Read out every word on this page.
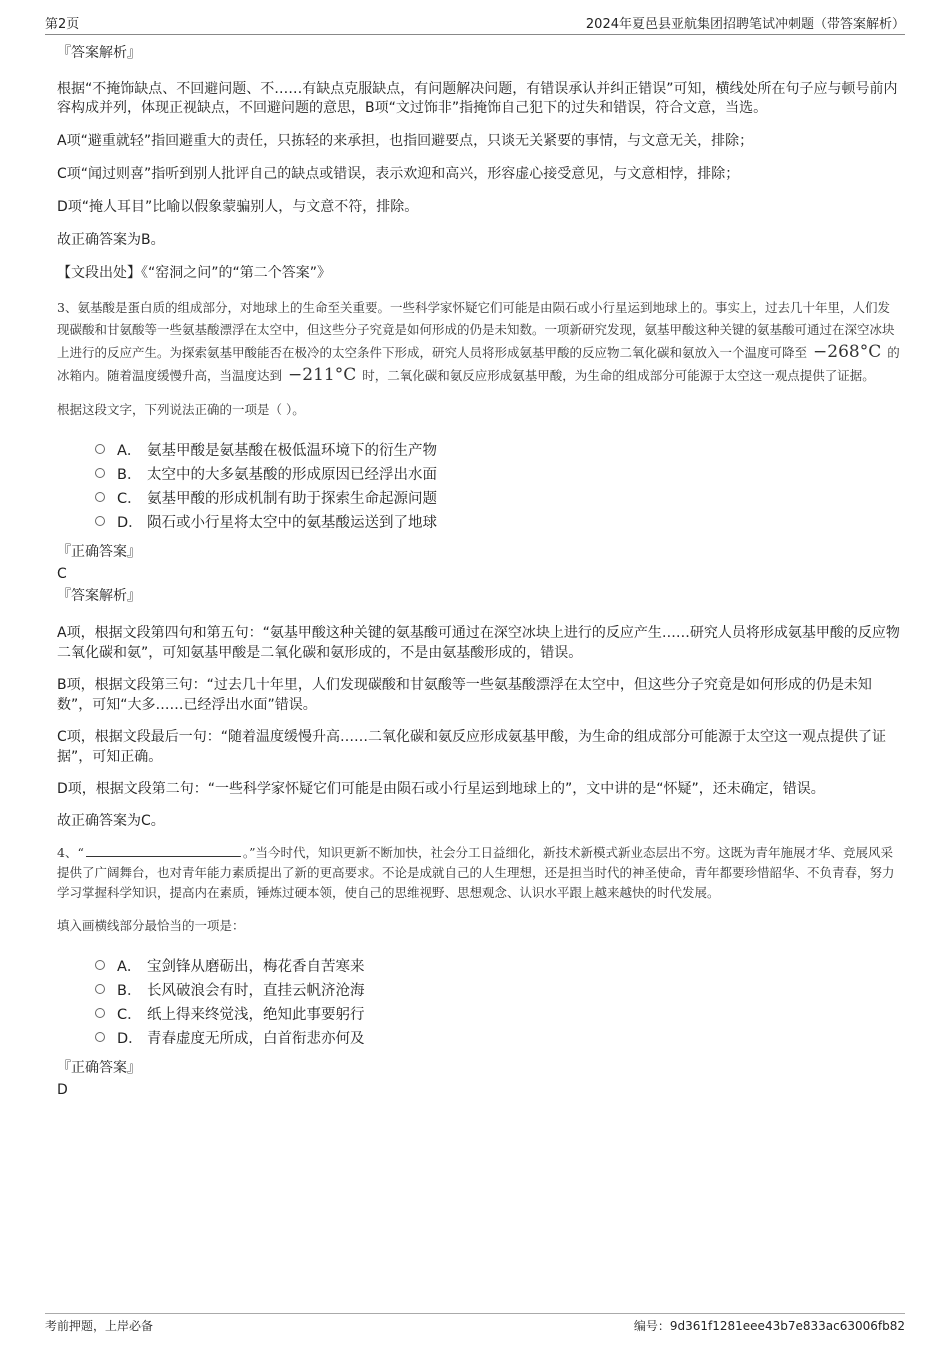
第2页	2024年夏邑县亚航集团招聘笔试冲刺题（带答案解析）

『答案解析』

根据“不掩饰缺点、不回避问题、不……有缺点克服缺点，有问题解决问题，有错误承认并纠正错误”可知，横线处所在句子应与顿号前内容构成并列，体现正视缺点，不回避问题的意思，B项“文过饰非”指掩饰自己犯下的过失和错误，符合文意，当选。

A项“避重就轻”指回避重大的责任，只拣轻的来承担，也指回避要点，只谈无关紧要的事情，与文意无关，排除；

C项“闻过则喜”指听到别人批评自己的缺点或错误，表示欢迎和高兴，形容虚心接受意见，与文意相悖，排除；

D项“掩人耳目”比喻以假象蒙骗别人，与文意不符，排除。

故正确答案为B。

【文段出处】《“窑洞之问”的“第二个答案”》

3、氨基酸是蛋白质的组成部分，对地球上的生命至关重要。一些科学家怀疑它们可能是由陨石或小行星运到地球上的。事实上，过去几十年里，人们发现碳酸和甘氨酸等一些氨基酸漂浮在太空中，但这些分子究竟是如何形成的仍是未知数。一项新研究发现，氨基甲酸这种关键的氨基酸可通过在深空冰块上进行的反应产生。为探索氨基甲酸能否在极冷的太空条件下形成，研究人员将形成氨基甲酸的反应物二氧化碳和氨放入一个温度可降至 −268°C 的冰箱内。随着温度缓慢升高，当温度达到 −211°C 时，二氧化碳和氨反应形成氨基甲酸，为生命的组成部分可能源于太空这一观点提供了证据。

根据这段文字，下列说法正确的一项是（ ）。

A． 氨基甲酸是氨基酸在极低温环境下的衍生产物
B． 太空中的大多氨基酸的形成原因已经浮出水面
C． 氨基甲酸的形成机制有助于探索生命起源问题
D． 陨石或小行星将太空中的氨基酸运送到了地球

『正确答案』

C

『答案解析』

A项，根据文段第四句和第五句：“氨基甲酸这种关键的氨基酸可通过在深空冰块上进行的反应产生……研究人员将形成氨基甲酸的反应物二氧化碳和氨”，可知氨基甲酸是二氧化碳和氨形成的，不是由氨基酸形成的，错误。

B项，根据文段第三句：“过去几十年里，人们发现碳酸和甘氨酸等一些氨基酸漂浮在太空中，但这些分子究竟是如何形成的仍是未知数”，可知“大多……已经浮出水面”错误。

C项，根据文段最后一句：“随着温度缓慢升高……二氧化碳和氨反应形成氨基甲酸，为生命的组成部分可能源于太空这一观点提供了证据”，可知正确。

D项，根据文段第二句：“一些科学家怀疑它们可能是由陨石或小行星运到地球上的”，文中讲的是“怀疑”，还未确定，错误。

故正确答案为C。

4、“	。”当今时代，知识更新不断加快，社会分工日益细化，新技术新模式新业态层出不穷。这既为青年施展才华、竞展风采提供了广阔舞台，也对青年能力素质提出了新的更高要求。不论是成就自己的人生理想，还是担当时代的神圣使命，青年都要珍惜韶华、不负青春，努力学习掌握科学知识，提高内在素质，锤炼过硬本领，使自己的思维视野、思想观念、认识水平跟上越来越快的时代发展。

填入画横线部分最恰当的一项是：

A． 宝剑锋从磨砺出，梅花香自苦寒来
B． 长风破浪会有时，直挂云帆济沧海
C． 纸上得来终觉浅，绝知此事要躬行
D． 青春虚度无所成，白首衔悲亦何及

『正确答案』

D

考前押题，上岸必备	编号：9d361f1281eee43b7e833ac63006fb82
